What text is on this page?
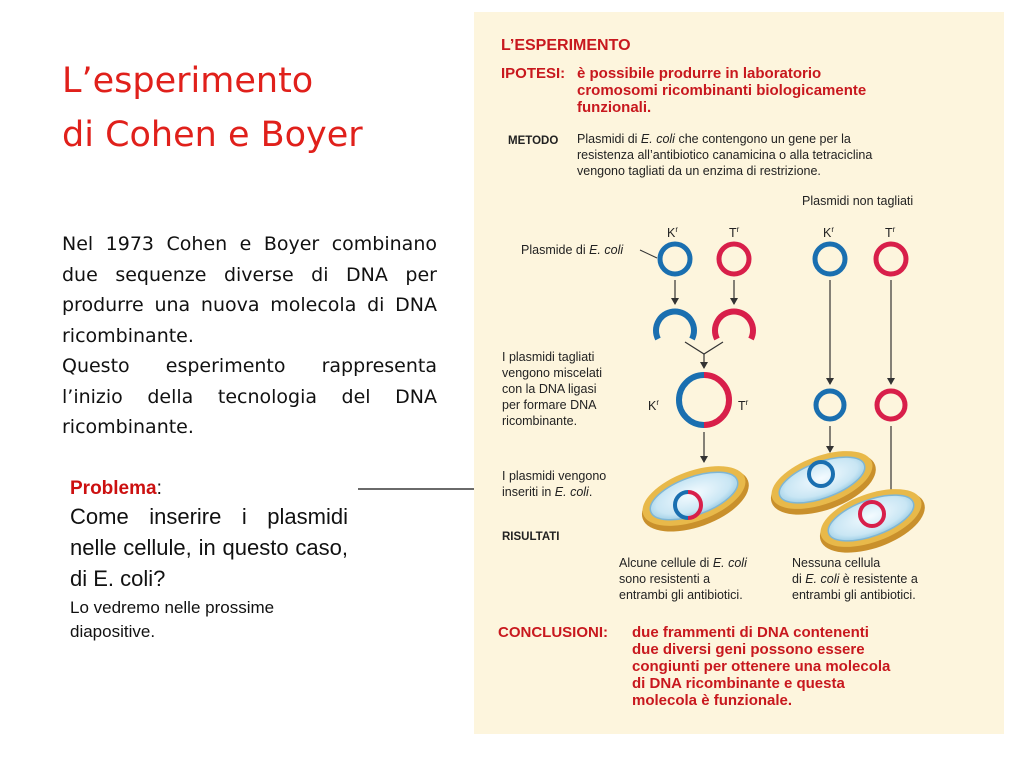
L’esperimento
di Cohen e Boyer

Nel 1973 Cohen e Boyer combinano due sequenze diverse di DNA per produrre una nuova molecola di DNA ricombinante.

Questo esperimento rappresenta l’inizio della tecnologia del DNA ricombinante.

Problema:
Come inserire i plasmidi nelle cellule, in questo caso, di E. coli?
Lo vedremo nelle prossime diapositive.
L’ESPERIMENTO
IPOTESI: è possibile produrre in laboratorio
cromosomi ricombinanti biologicamente
funzionali.
METODO Plasmidi di E. coli che contengono un gene per la
resistenza all’antibiotico canamicina o alla tetraciclina
vengono tagliati da un enzima di restrizione.
Plasmidi non tagliati
$K^r$	$T^r$	$K^r$	$T^r$
Plasmide di E. coli
I plasmidi tagliati
vengono miscelati
con la DNA ligasi
per formare DNA
ricombinante.
$K^r$	$T^r$
I plasmidi vengono
inseriti in E. coli.
RISULTATI
Alcune cellule di E. coli
sono resistenti a
entrambi gli antibiotici.
Nessuna cellula
di E. coli è resistente a
entrambi gli antibiotici.
CONCLUSIONI: due frammenti di DNA contenenti
due diversi geni possono essere
congiunti per ottenere una molecola
di DNA ricombinante e questa
molecola è funzionale.
